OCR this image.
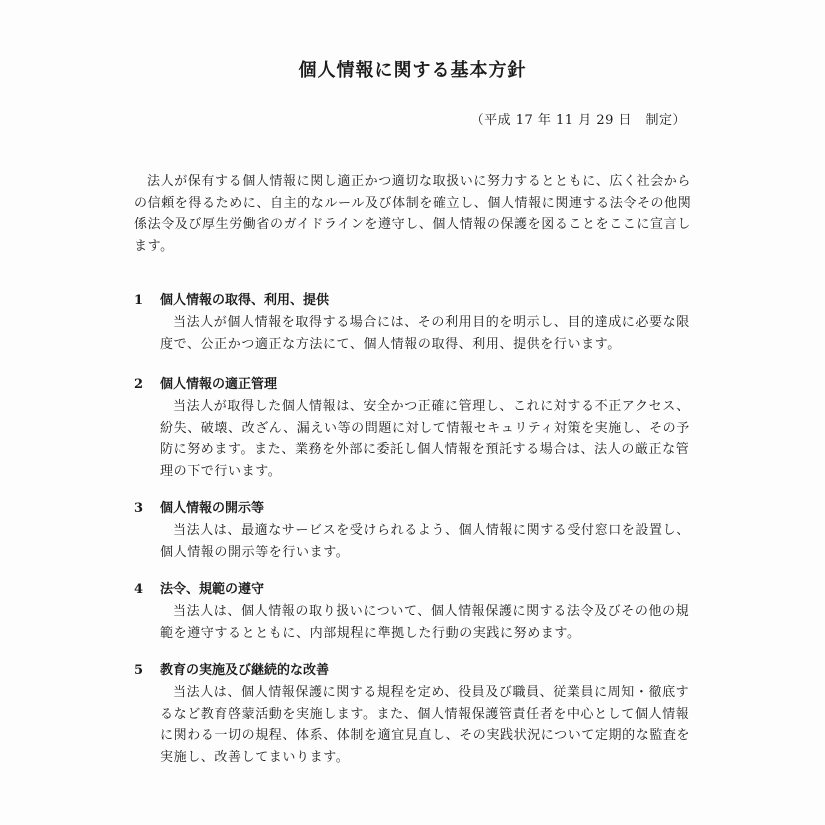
個人情報に関する基本方針
（平成 17 年 11 月 29 日　制定）

法人が保有する個人情報に関し適正かつ適切な取扱いに努力するとともに、広く社会からの信頼を得るために、自主的なルール及び体制を確立し、個人情報に関連する法令その他関係法令及び厚生労働省のガイドラインを遵守し、個人情報の保護を図ることをここに宣言します。

1	個人情報の取得、利用、提供
当法人が個人情報を取得する場合には、その利用目的を明示し、目的達成に必要な限度で、公正かつ適正な方法にて、個人情報の取得、利用、提供を行います。
2	個人情報の適正管理
当法人が取得した個人情報は、安全かつ正確に管理し、これに対する不正アクセス、紛失、破壊、改ざん、漏えい等の問題に対して情報セキュリティ対策を実施し、その予防に努めます。また、業務を外部に委託し個人情報を預託する場合は、法人の厳正な管理の下で行います。
3	個人情報の開示等
当法人は、最適なサービスを受けられるよう、個人情報に関する受付窓口を設置し、個人情報の開示等を行います。
4	法令、規範の遵守
当法人は、個人情報の取り扱いについて、個人情報保護に関する法令及びその他の規範を遵守するとともに、内部規程に準拠した行動の実践に努めます。
5	教育の実施及び継続的な改善
当法人は、個人情報保護に関する規程を定め、役員及び職員、従業員に周知・徹底するなど教育啓蒙活動を実施します。また、個人情報保護管責任者を中心として個人情報に関わる一切の規程、体系、体制を適宜見直し、その実践状況について定期的な監査を実施し、改善してまいります。
